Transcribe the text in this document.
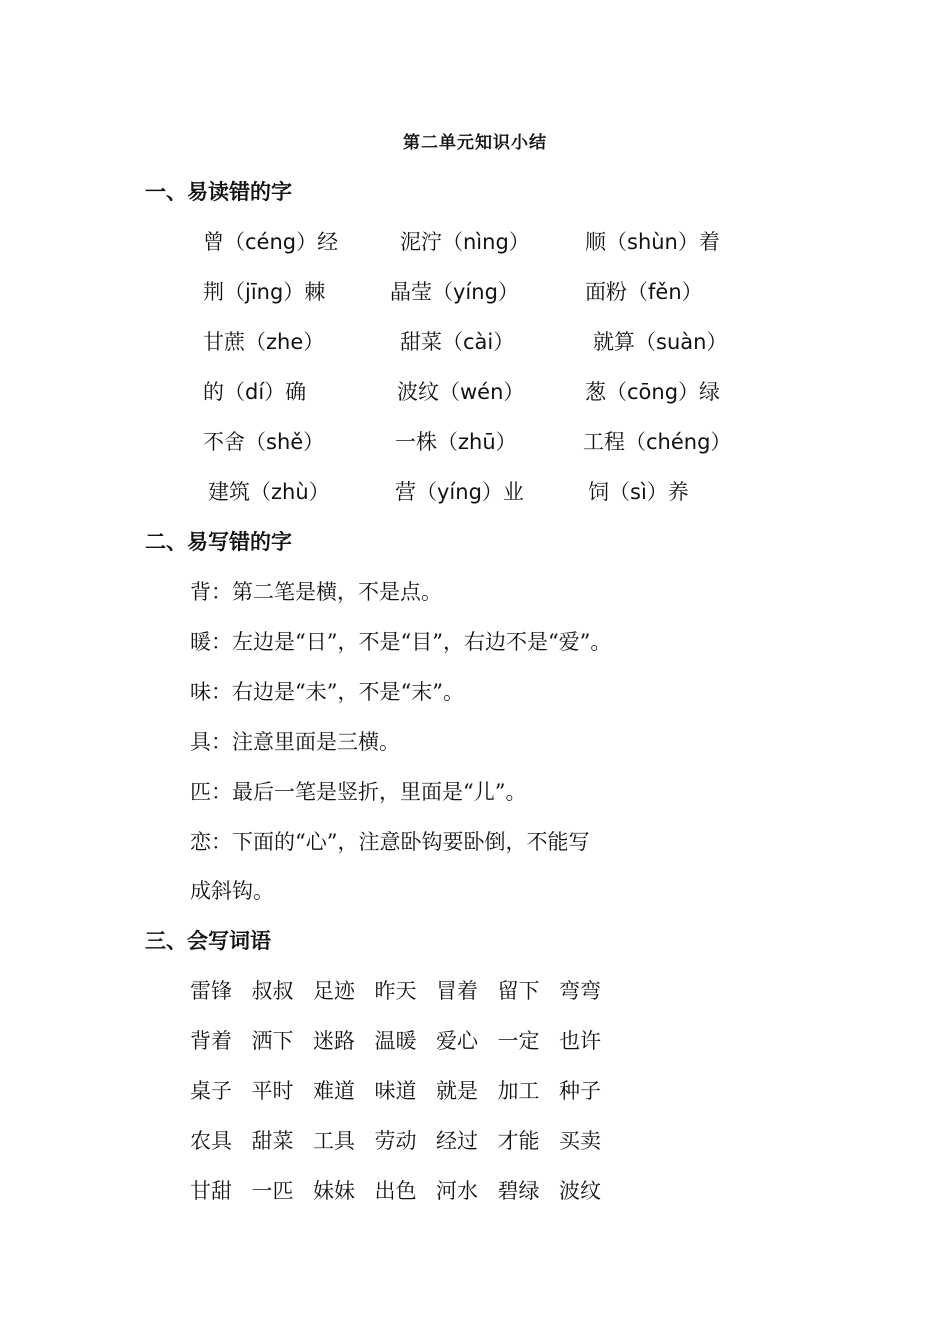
第二单元知识小结
一、易读错的字
曾（céng）经	泥泞（nìng）	顺（shùn）着
荆（jīng）棘	晶莹（yíng）	面粉（fěn）
甘蔗（zhe）	甜菜（cài）	就算（suàn）
的（dí）确	波纹（wén）	葱（cōng）绿
不舍（shě）	一株（zhū）	工程（chéng）
建筑（zhù）	营（yíng）业	饲（sì）养
二、易写错的字
背：第二笔是横，不是点。
暖：左边是“日”，不是“目”，右边不是“爱”。
味：右边是“未”，不是“末”。
具：注意里面是三横。
匹：最后一笔是竖折，里面是“儿”。
恋：下面的“心”，注意卧钩要卧倒，不能写
成斜钩。
三、会写词语
雷锋 叔叔 足迹 昨天 冒着 留下 弯弯
背着 洒下 迷路 温暖 爱心 一定 也许
桌子 平时 难道 味道 就是 加工 种子
农具 甜菜 工具 劳动 经过 才能 买卖
甘甜 一匹 妹妹 出色 河水 碧绿 波纹
